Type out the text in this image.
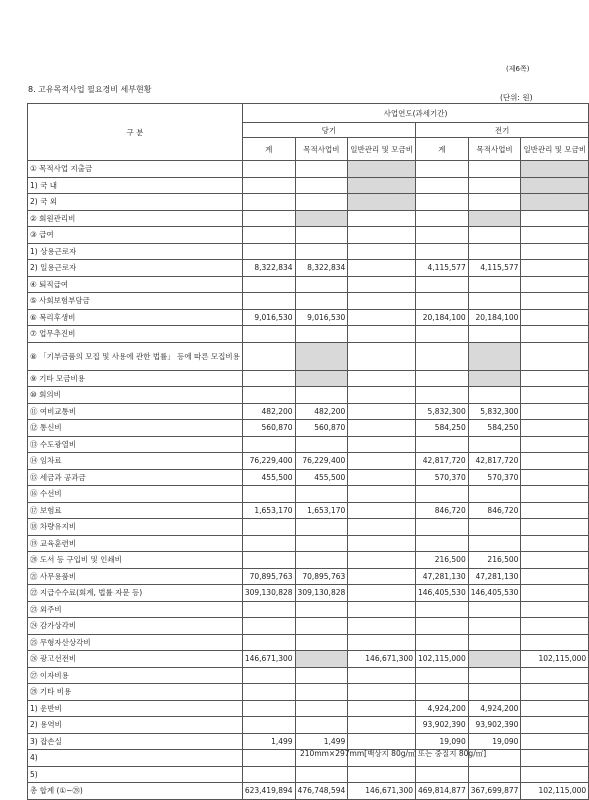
(제6쪽)
8. 고유목적사업 필요경비 세부현황
(단위: 원)
구 분	사업연도(과세기간)					
	당기			전기		
	계	목적사업비	일반관리 및 모금비	계	목적사업비	일반관리 및 모금비
① 목적사업 지출금						
1) 국 내						
2) 국 외						
② 회원관리비						
③ 급여						
1) 상용근로자						
2) 일용근로자	8,322,834	8,322,834		4,115,577	4,115,577	
④ 퇴직급여						
⑤ 사회보험부담금						
⑥ 복리후생비	9,016,530	9,016,530		20,184,100	20,184,100	
⑦ 업무추진비						
⑧ 「기부금품의 모집 및 사용에 관한 법률」 등에 따른 모집비용						
⑨ 기타 모금비용						
⑩ 회의비						
⑪ 여비교통비	482,200	482,200		5,832,300	5,832,300	
⑫ 통신비	560,870	560,870		584,250	584,250	
⑬ 수도광열비						
⑭ 임차료	76,229,400	76,229,400		42,817,720	42,817,720	
⑮ 세금과 공과금	455,500	455,500		570,370	570,370	
⑯ 수선비						
⑰ 보험료	1,653,170	1,653,170		846,720	846,720	
⑱ 차량유지비						
⑲ 교육훈련비						
⑳ 도서 등 구입비 및 인쇄비				216,500	216,500	
㉑ 사무용품비	70,895,763	70,895,763		47,281,130	47,281,130	
㉒ 지급수수료(회계, 법률 자문 등)	309,130,828	309,130,828		146,405,530	146,405,530	
㉓ 외주비						
㉔ 감가상각비						
㉕ 무형자산상각비						
㉖ 광고선전비	146,671,300		146,671,300	102,115,000		102,115,000
㉗ 이자비용						
㉘ 기타 비용						
1) 운반비				4,924,200	4,924,200	
2) 용역비				93,902,390	93,902,390	
3) 잡손실	1,499	1,499		19,090	19,090	
4)						
5)						
총 합계 (①~㉘)	623,419,894	476,748,594	146,671,300	469,814,877	367,699,877	102,115,000
210mm×297mm[백상지 80g/㎡ 또는 중질지 80g/㎡]
